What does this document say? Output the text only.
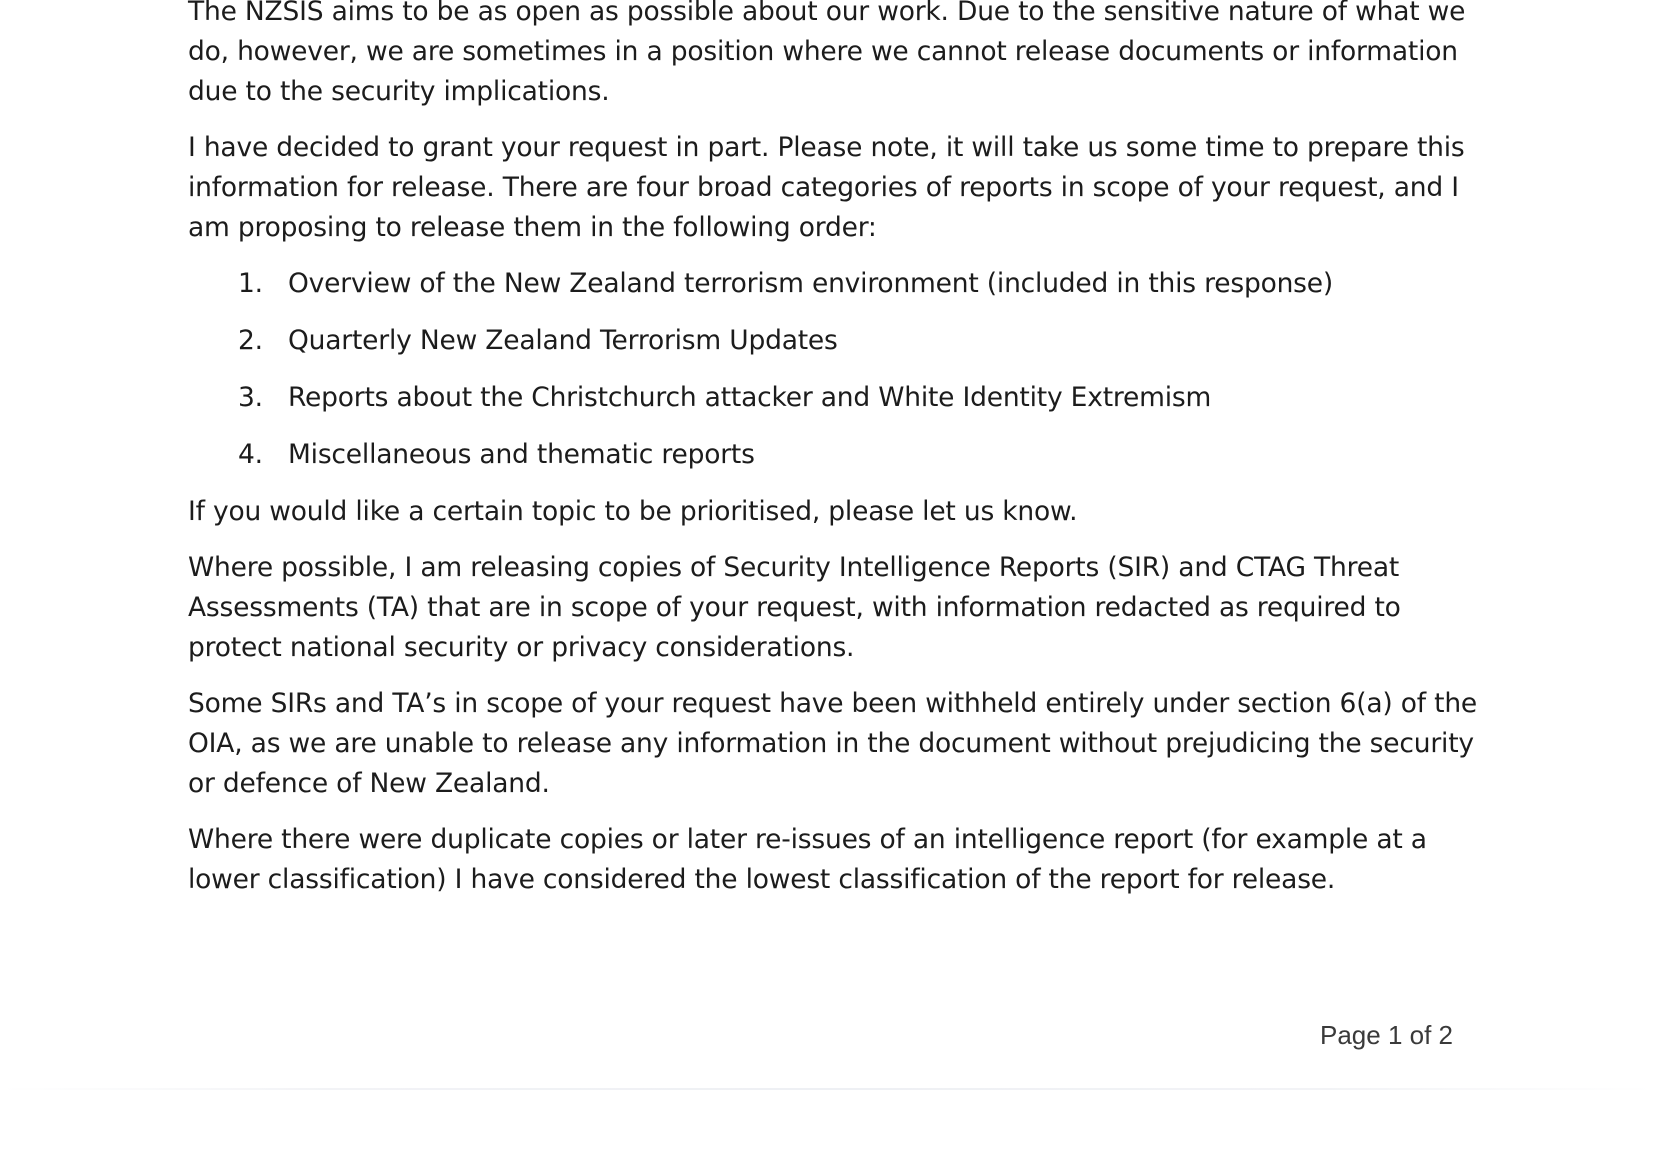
The NZSIS aims to be as open as possible about our work. Due to the sensitive nature of what we do, however, we are sometimes in a position where we cannot release documents or information due to the security implications.

I have decided to grant your request in part. Please note, it will take us some time to prepare this information for release. There are four broad categories of reports in scope of your request, and I am proposing to release them in the following order:

1. Overview of the New Zealand terrorism environment (included in this response)
2. Quarterly New Zealand Terrorism Updates
3. Reports about the Christchurch attacker and White Identity Extremism
4. Miscellaneous and thematic reports

If you would like a certain topic to be prioritised, please let us know.

Where possible, I am releasing copies of Security Intelligence Reports (SIR) and CTAG Threat Assessments (TA) that are in scope of your request, with information redacted as required to protect national security or privacy considerations.

Some SIRs and TA’s in scope of your request have been withheld entirely under section 6(a) of the OIA, as we are unable to release any information in the document without prejudicing the security or defence of New Zealand.

Where there were duplicate copies or later re-issues of an intelligence report (for example at a lower classification) I have considered the lowest classification of the report for release.

Page 1 of 2
